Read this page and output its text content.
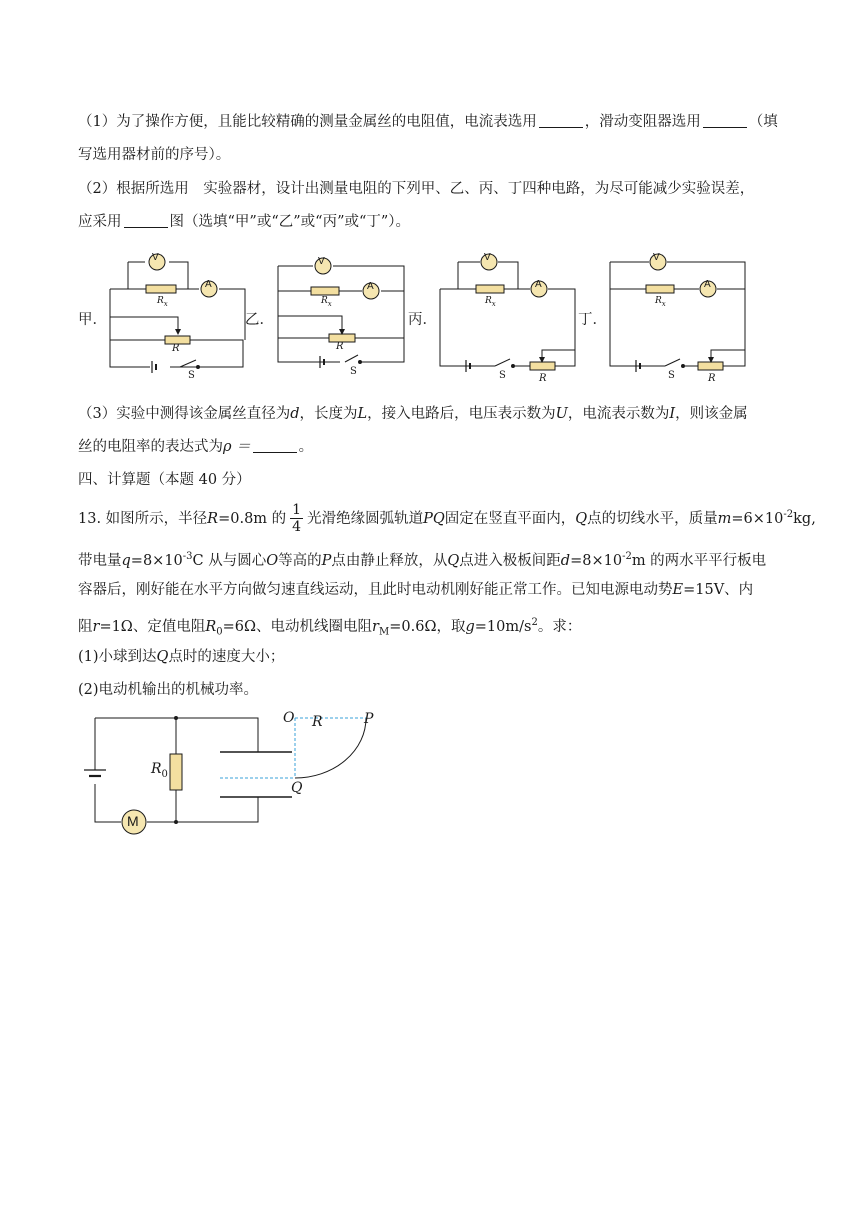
（1）为了操作方便，且能比较精确的测量金属丝的电阻值，电流表选用	，滑动变阻器选用	（填
写选用器材前的序号）。
（2）根据所选用　实验器材，设计出测量电阻的下列甲、乙、丙、丁四种电路，为尽可能减少实验误差，
应采用	图（选填“甲”或“乙”或“丙”或“丁”）。
甲．	乙．	丙．	丁．
V
A
$R_x$
R
S
V
A
$R_x$
R
S
V
A
$R_x$
R
S
V
A
$R_x$
R
S
（3）实验中测得该金属丝直径为d，长度为L，接入电路后，电压表示数为U，电流表示数为I，则该金属
丝的电阻率的表达式为ρ ＝	。
四、计算题（本题 40 分）
13. 如图所示，半径R=0.8m 的 $\frac{1}{4}$ 光滑绝缘圆弧轨道PQ固定在竖直平面内，Q点的切线水平，质量$m=6\times 10^{-2}kg$,
带电量$q=8\times 10^{-3}C$ 从与圆心O等高的P点由静止释放，从Q点进入极板间距$d=8\times 10^{-2}m$ 的两水平平行板电
容器后，刚好能在水平方向做匀速直线运动，且此时电动机刚好能正常工作。已知电源电动势E=15V、内
阻r=1Ω、定值电阻$R_0=6\Omega$、电动机线圈电阻$r_M=0.6\Omega$，取$g=10m/s^2$。求：
(1)小球到达Q点时的速度大小；
(2)电动机输出的机械功率。
O R	P
Q
$R_0$
M
